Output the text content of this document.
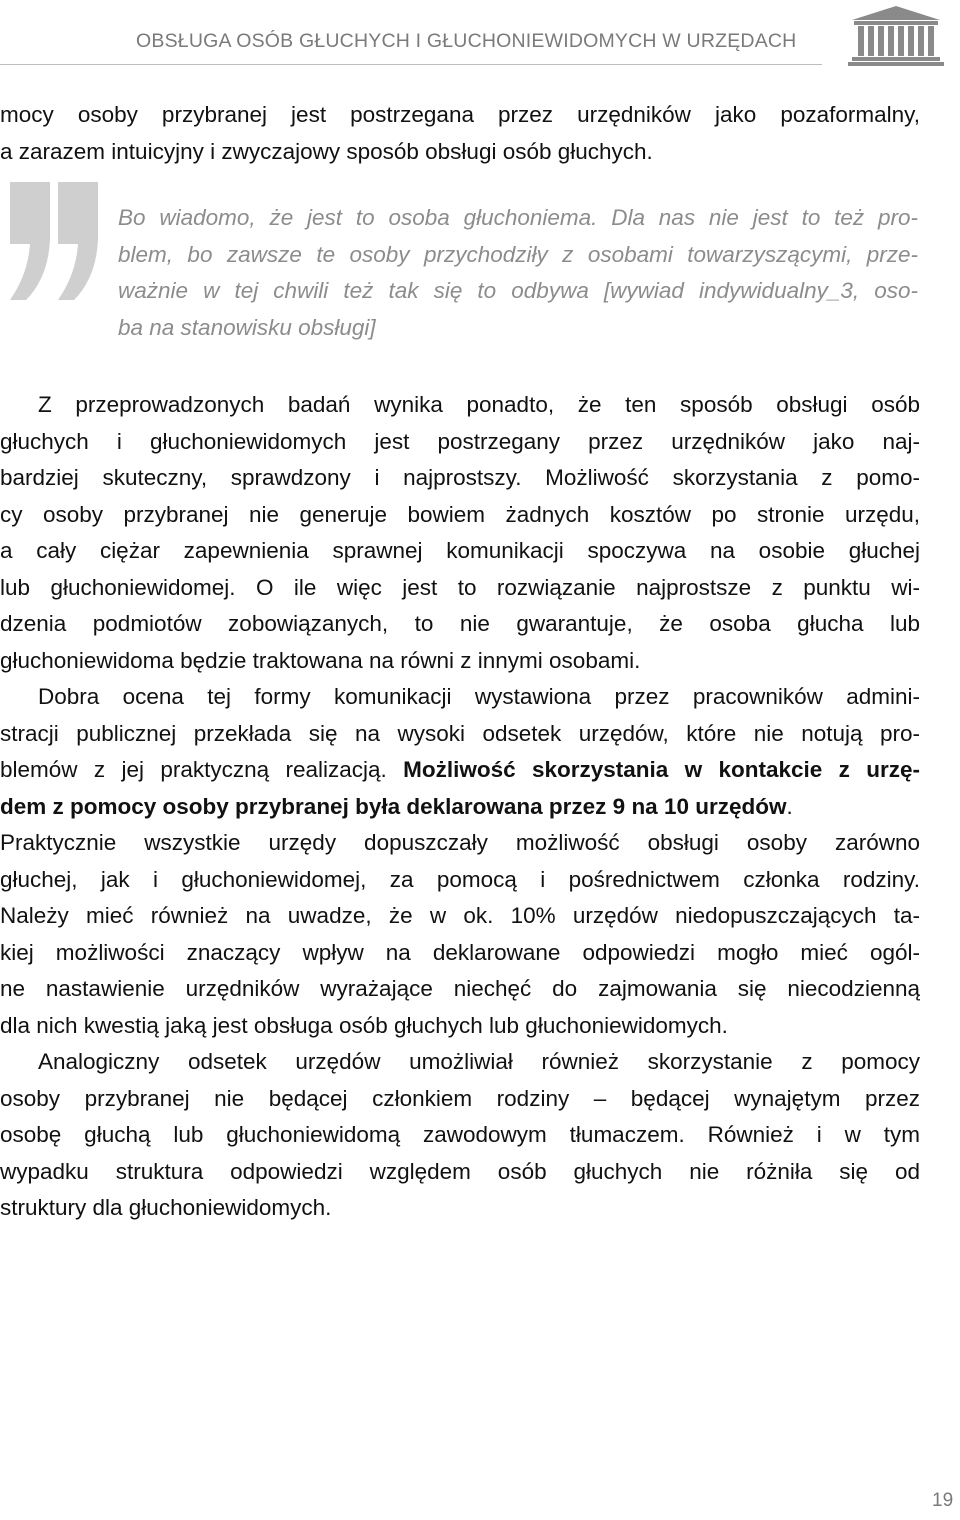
OBSŁUGA OSÓB GŁUCHYCH I GŁUCHONIEWIDOMYCH W URZĘDACH

mocy osoby przybranej jest postrzegana przez urzędników jako pozaformalny,
a zarazem intuicyjny i zwyczajowy sposób obsługi osób głuchych.

Bo wiadomo, że jest to osoba głuchoniema. Dla nas nie jest to też pro-
blem, bo zawsze te osoby przychodziły z osobami towarzyszącymi, prze-
ważnie w tej chwili też tak się to odbywa [wywiad indywidualny_3, oso-
ba na stanowisku obsługi]

Z przeprowadzonych badań wynika ponadto, że ten sposób obsługi osób
głuchych i głuchoniewidomych jest postrzegany przez urzędników jako naj-
bardziej skuteczny, sprawdzony i najprostszy. Możliwość skorzystania z pomo-
cy osoby przybranej nie generuje bowiem żadnych kosztów po stronie urzędu,
a cały ciężar zapewnienia sprawnej komunikacji spoczywa na osobie głuchej
lub głuchoniewidomej. O ile więc jest to rozwiązanie najprostsze z punktu wi-
dzenia podmiotów zobowiązanych, to nie gwarantuje, że osoba głucha lub
głuchoniewidoma będzie traktowana na równi z innymi osobami.

Dobra ocena tej formy komunikacji wystawiona przez pracowników admini-
stracji publicznej przekłada się na wysoki odsetek urzędów, które nie notują pro-
blemów z jej praktyczną realizacją. Możliwość skorzystania w kontakcie z urzę-
dem z pomocy osoby przybranej była deklarowana przez 9 na 10 urzędów.
Praktycznie wszystkie urzędy dopuszczały możliwość obsługi osoby zarówno
głuchej, jak i głuchoniewidomej, za pomocą i pośrednictwem członka rodziny.
Należy mieć również na uwadze, że w ok. 10% urzędów niedopuszczających ta-
kiej możliwości znaczący wpływ na deklarowane odpowiedzi mogło mieć ogól-
ne nastawienie urzędników wyrażające niechęć do zajmowania się niecodzienną
dla nich kwestią jaką jest obsługa osób głuchych lub głuchoniewidomych.

Analogiczny odsetek urzędów umożliwiał również skorzystanie z pomocy
osoby przybranej nie będącej członkiem rodziny – będącej wynajętym przez
osobę głuchą lub głuchoniewidomą zawodowym tłumaczem. Również i w tym
wypadku struktura odpowiedzi względem osób głuchych nie różniła się od
struktury dla głuchoniewidomych.

19
